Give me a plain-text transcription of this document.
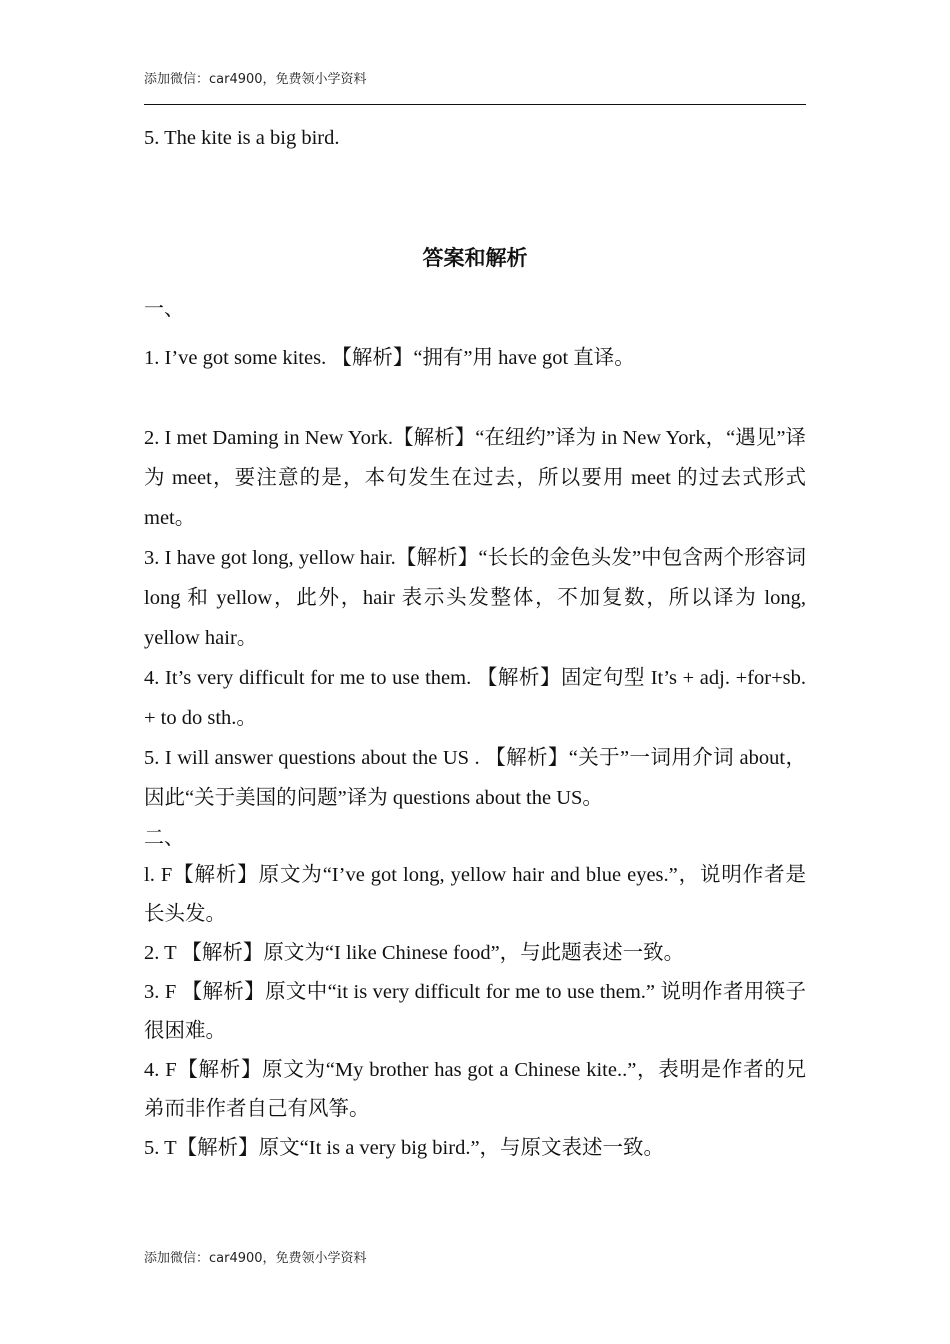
添加微信：car4900，免费领小学资料

5. The kite is a big bird.

答案和解析

一、

1. I’ve got some kites. 【解析】“拥有”用 have got 直译。

2. I met Daming in New York.【解析】“在纽约”译为 in New York，“遇见”译为 meet，要注意的是，本句发生在过去，所以要用 meet 的过去式形式 met。

3. I have got long, yellow hair.【解析】“长长的金色头发”中包含两个形容词 long 和 yellow，此外，hair 表示头发整体，不加复数，所以译为 long, yellow hair。

4. It’s very difficult for me to use them. 【解析】固定句型 It’s + adj. +for+sb. + to do sth.。

5. I will answer questions about the US . 【解析】“关于”一词用介词 about，因此“关于美国的问题”译为 questions about the US。

二、

l. F【解析】原文为“I’ve got long, yellow hair and blue eyes.”，说明作者是长头发。

2. T 【解析】原文为“I like Chinese food”，与此题表述一致。

3. F 【解析】原文中“it is very difficult for me to use them.” 说明作者用筷子很困难。

4. F【解析】原文为“My brother has got a Chinese kite..”，表明是作者的兄弟而非作者自己有风筝。

5. T【解析】原文“It is a very big bird.”，与原文表述一致。

添加微信：car4900，免费领小学资料
